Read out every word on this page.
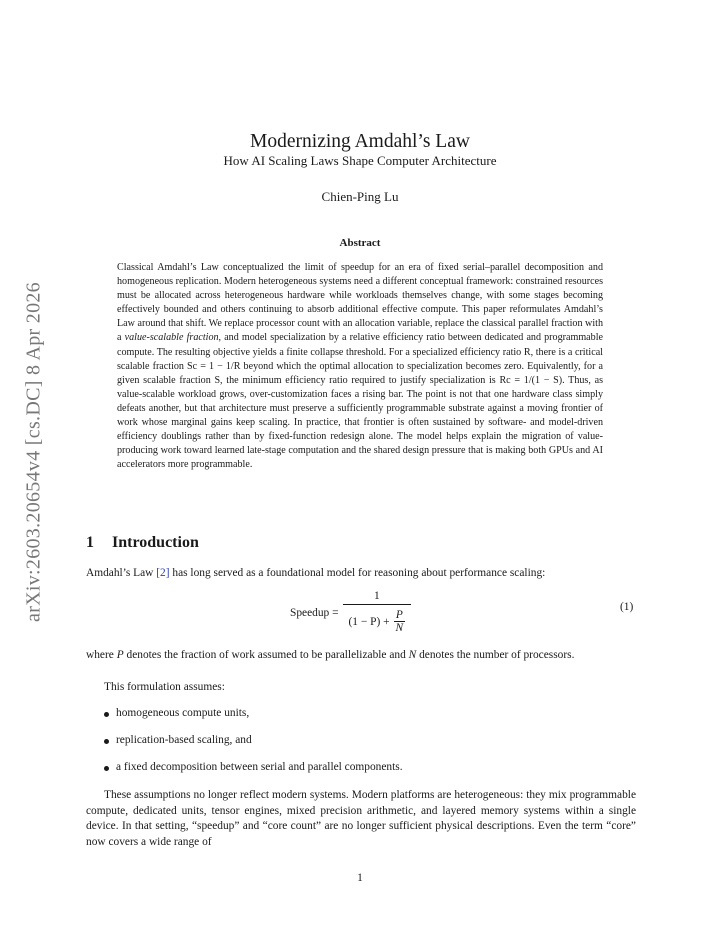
arXiv:2603.20654v4 [cs.DC] 8 Apr 2026
Modernizing Amdahl’s Law
How AI Scaling Laws Shape Computer Architecture
Chien-Ping Lu
Abstract
Classical Amdahl’s Law conceptualized the limit of speedup for an era of fixed serial–parallel decomposition and homogeneous replication. Modern heterogeneous systems need a different conceptual framework: constrained resources must be allocated across heterogeneous hardware while workloads themselves change, with some stages becoming effectively bounded and others continuing to absorb additional effective compute. This paper reformulates Amdahl’s Law around that shift. We replace processor count with an allocation variable, replace the classical parallel fraction with a value-scalable fraction, and model specialization by a relative efficiency ratio between dedicated and programmable compute. The resulting objective yields a finite collapse threshold. For a specialized efficiency ratio R, there is a critical scalable fraction Sc = 1 − 1/R beyond which the optimal allocation to specialization becomes zero. Equivalently, for a given scalable fraction S, the minimum efficiency ratio required to justify specialization is Rc = 1/(1 − S). Thus, as value-scalable workload grows, over-customization faces a rising bar. The point is not that one hardware class simply defeats another, but that architecture must preserve a sufficiently programmable substrate against a moving frontier of work whose marginal gains keep scaling. In practice, that frontier is often sustained by software- and model-driven efficiency doublings rather than by fixed-function redesign alone. The model helps explain the migration of value-producing work toward learned late-stage computation and the shared design pressure that is making both GPUs and AI accelerators more programmable.
1 Introduction
Amdahl’s Law [2] has long served as a foundational model for reasoning about performance scaling:
Speedup = $\frac{1}{(1 - P) + \frac{P}{N}}$	(1)
where P denotes the fraction of work assumed to be parallelizable and N denotes the number of processors.
This formulation assumes:
homogeneous compute units,
replication-based scaling, and
a fixed decomposition between serial and parallel components.
These assumptions no longer reflect modern systems. Modern platforms are heterogeneous: they mix programmable compute, dedicated units, tensor engines, mixed precision arithmetic, and layered memory systems within a single device. In that setting, “speedup” and “core count” are no longer sufficient physical descriptions. Even the term “core” now covers a wide range of
1
